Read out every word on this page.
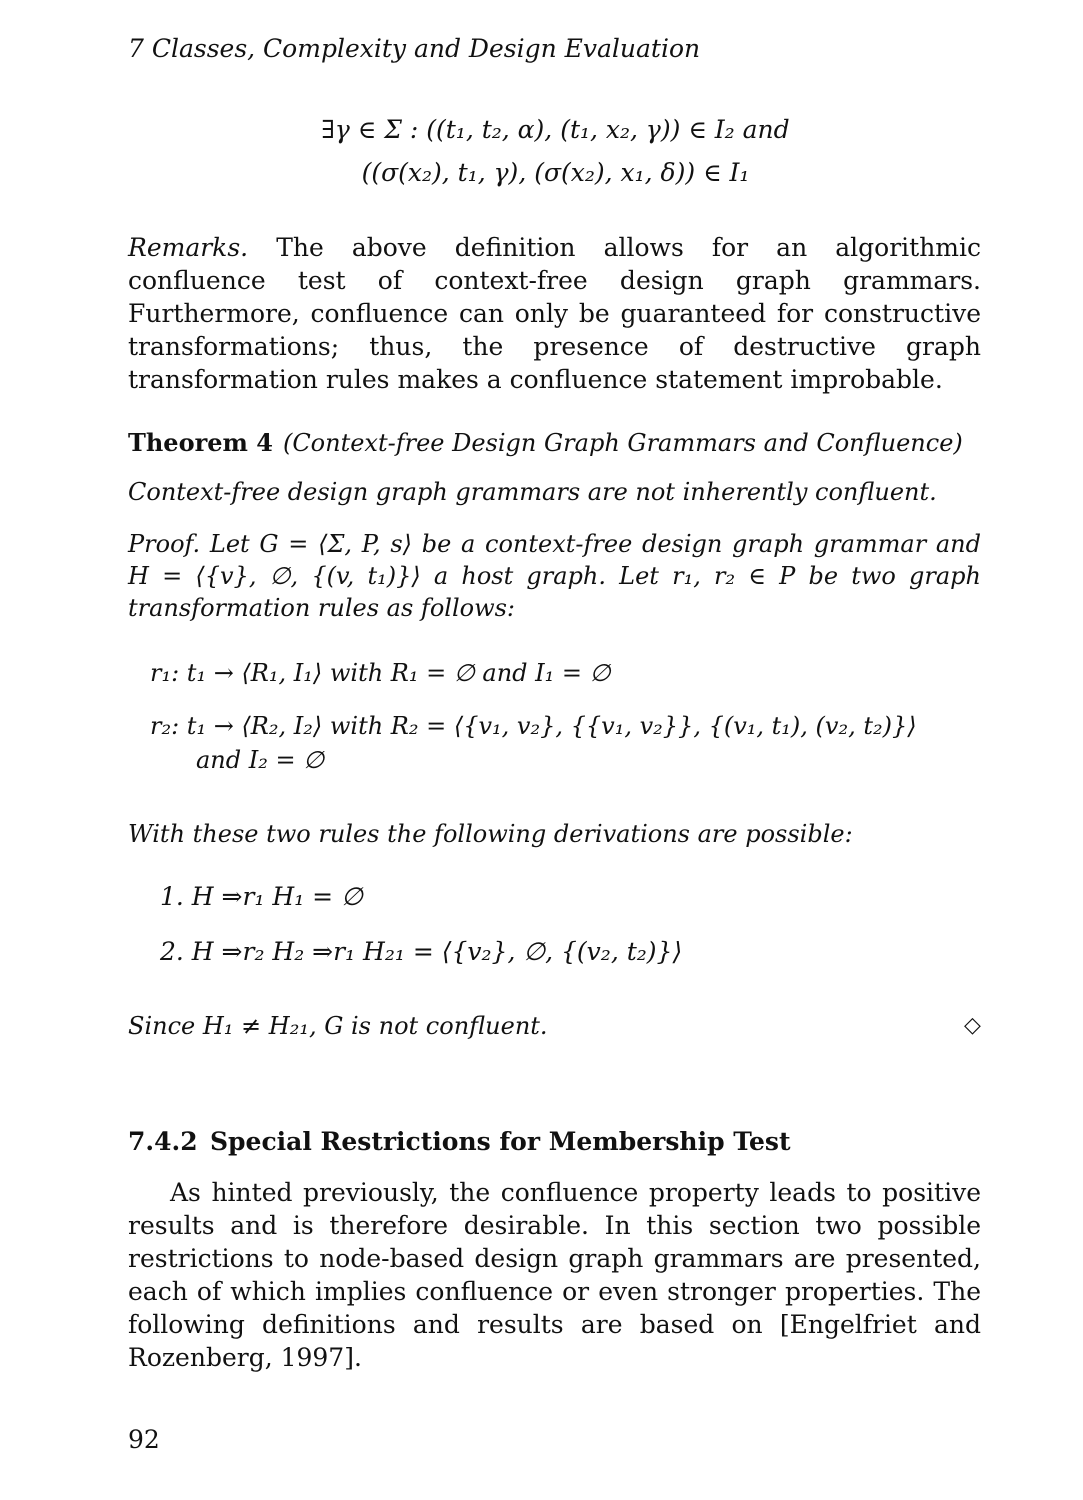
7 Classes, Complexity and Design Evaluation
∃γ ∈ Σ : ((t₁, t₂, α), (t₁, x₂, γ)) ∈ I₂ and
((σ(x₂), t₁, γ), (σ(x₂), x₁, δ)) ∈ I₁
Remarks. The above definition allows for an algorithmic confluence test of context-free design graph grammars. Furthermore, confluence can only be guaranteed for constructive transformations; thus, the presence of destructive graph transformation rules makes a confluence statement improbable.
Theorem 4 (Context-free Design Graph Grammars and Confluence)
Context-free design graph grammars are not inherently confluent.
Proof. Let G = ⟨Σ, P, s⟩ be a context-free design graph grammar and H = ⟨{v}, ∅, {(v, t₁)}⟩ a host graph. Let r₁, r₂ ∈ P be two graph transformation rules as follows:
r₁: t₁ → ⟨R₁, I₁⟩ with R₁ = ∅ and I₁ = ∅
r₂: t₁ → ⟨R₂, I₂⟩ with R₂ = ⟨{v₁, v₂}, {{v₁, v₂}}, {(v₁, t₁), (v₂, t₂)}⟩
and I₂ = ∅
With these two rules the following derivations are possible:
1. H ⇒r₁ H₁ = ∅
2. H ⇒r₂ H₂ ⇒r₁ H₂₁ = ⟨{v₂}, ∅, {(v₂, t₂)}⟩
Since H₁ ≠ H₂₁, G is not confluent.	◇
7.4.2 Special Restrictions for Membership Test
As hinted previously, the confluence property leads to positive results and is therefore desirable. In this section two possible restrictions to node-based design graph grammars are presented, each of which implies confluence or even stronger properties. The following definitions and results are based on [Engelfriet and Rozenberg, 1997].
92
